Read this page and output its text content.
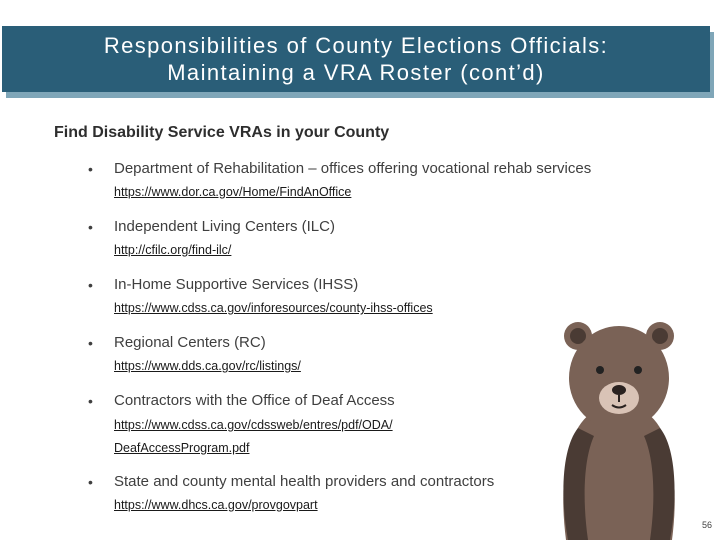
Responsibilities of County Elections Officials:
Maintaining a VRA Roster (cont’d)
Find Disability Service VRAs in your County
• Department of Rehabilitation – offices offering vocational rehab services
https://www.dor.ca.gov/Home/FindAnOffice
• Independent Living Centers (ILC)
http://cfilc.org/find-ilc/
• In-Home Supportive Services (IHSS)
https://www.cdss.ca.gov/inforesources/county-ihss-offices
• Regional Centers (RC)
https://www.dds.ca.gov/rc/listings/
• Contractors with the Office of Deaf Access
https://www.cdss.ca.gov/cdssweb/entres/pdf/ODA/
DeafAccessProgram.pdf
• State and county mental health providers and contractors
https://www.dhcs.ca.gov/provgovpart
56
